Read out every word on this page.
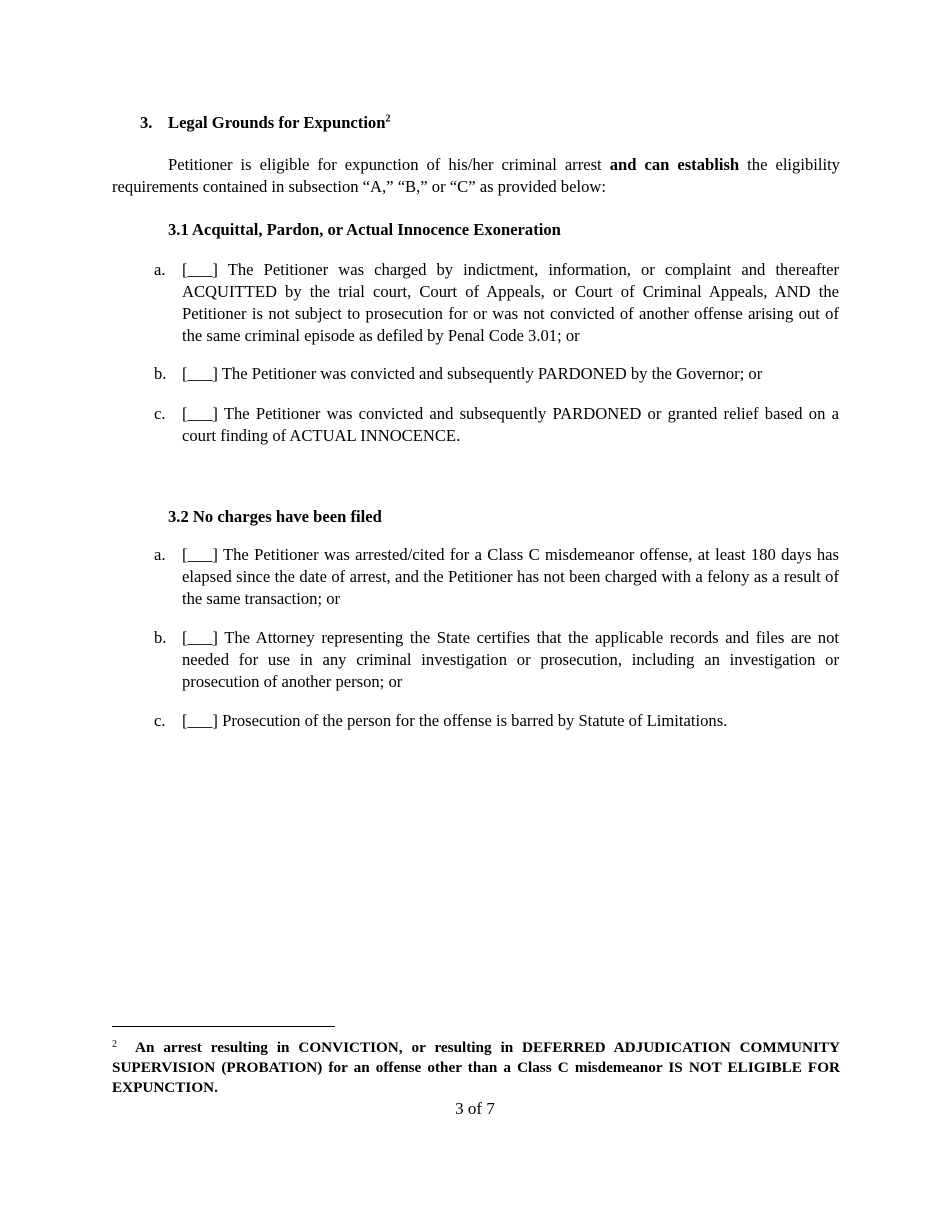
3. Legal Grounds for Expunction$^2$
Petitioner is eligible for expunction of his/her criminal arrest and can establish the eligibility requirements contained in subsection “A,” “B,” or “C” as provided below:
3.1 Acquittal, Pardon, or Actual Innocence Exoneration
a. [___] The Petitioner was charged by indictment, information, or complaint and thereafter ACQUITTED by the trial court, Court of Appeals, or Court of Criminal Appeals, AND the Petitioner is not subject to prosecution for or was not convicted of another offense arising out of the same criminal episode as defiled by Penal Code 3.01; or
b. [___] The Petitioner was convicted and subsequently PARDONED by the Governor; or
c. [___] The Petitioner was convicted and subsequently PARDONED or granted relief based on a court finding of ACTUAL INNOCENCE.
3.2 No charges have been filed
a. [___] The Petitioner was arrested/cited for a Class C misdemeanor offense, at least 180 days has elapsed since the date of arrest, and the Petitioner has not been charged with a felony as a result of the same transaction; or
b. [___] The Attorney representing the State certifies that the applicable records and files are not needed for use in any criminal investigation or prosecution, including an investigation or prosecution of another person; or
c. [___] Prosecution of the person for the offense is barred by Statute of Limitations.
$^2$ An arrest resulting in CONVICTION, or resulting in DEFERRED ADJUDICATION COMMUNITY SUPERVISION (PROBATION) for an offense other than a Class C misdemeanor IS NOT ELIGIBLE FOR EXPUNCTION.
3 of 7
